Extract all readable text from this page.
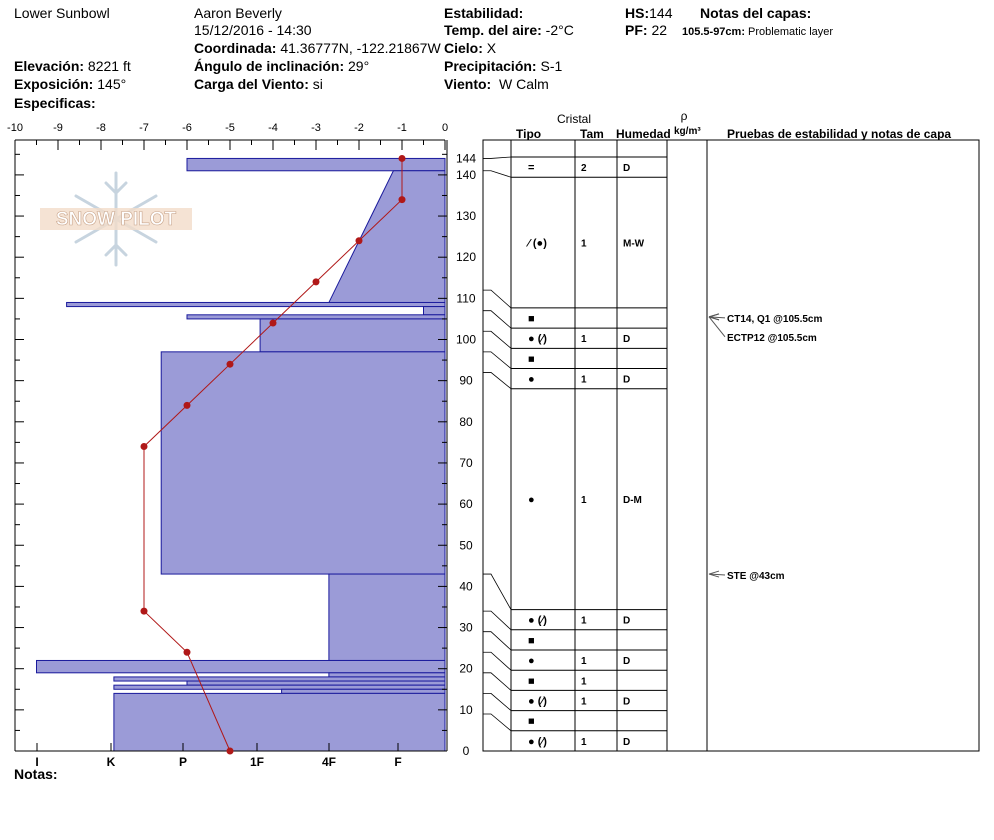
Lower Sunbowl	Aaron Beverly
15/12/2016 - 14:30
Coordinada: 41.36777N, -122.21867W
Ángulo de inclinación: 29°
Carga del Viento: si
Elevación: 8221 ft
Exposición: 145°
Especificas:
Estabilidad:
Temp. del aire: -2°C
Cielo: X
Precipitación: S-1
Viento: W Calm
HS:144
PF: 22
Notas del capas:
105.5-97cm: Problematic layer
Cristal
Tipo	Tam Humedad
ρ
kg/m³ Pruebas de estabilidad y notas de capa
Notas:
SNOW PILOT
-10	-9	-8	-7	-6	-5	-4	-3	-2	-1	0
0
10
20
30
40
50
60
70
80
90
100
110
120
130
140
144
I	K	P	1F	4F	F
=	2	D
⁄ (●)	1	M-W
■
● (⁄)	1	D
■
●	1	D
●	1	D-M
● (⁄)	1	D
■
●	1	D
■	1
● (⁄)	1	D
■
● (⁄)	1	D
CT14, Q1 @105.5cm
ECTP12 @105.5cm
STE @43cm
